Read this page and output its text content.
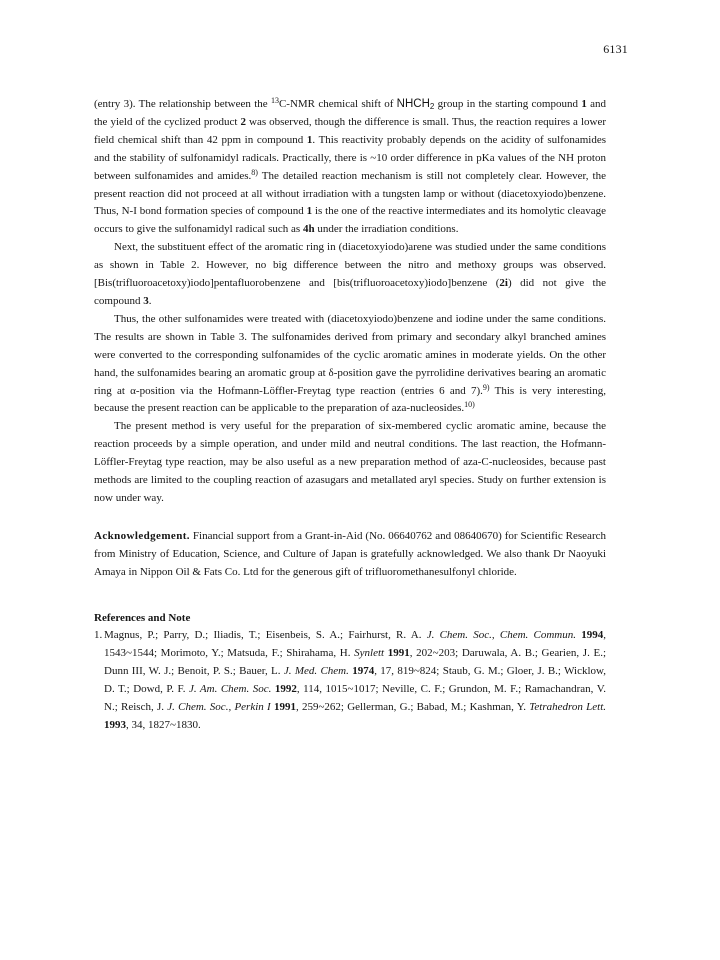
6131

(entry 3). The relationship between the $^{13}$C-NMR chemical shift of $NHCH_2$ group in the starting compound 1 and the yield of the cyclized product 2 was observed, though the difference is small. Thus, the reaction requires a lower field chemical shift than 42 ppm in compound 1. This reactivity probably depends on the acidity of sulfonamides and the stability of sulfonamidyl radicals. Practically, there is ~10 order difference in pKa values of the NH proton between sulfonamides and amides.$^{8)}$ The detailed reaction mechanism is still not completely clear. However, the present reaction did not proceed at all without irradiation with a tungsten lamp or without (diacetoxyiodo)benzene. Thus, N-I bond formation species of compound 1 is the one of the reactive intermediates and its homolytic cleavage occurs to give the sulfonamidyl radical such as 4h under the irradiation conditions.

Next, the substituent effect of the aromatic ring in (diacetoxyiodo)arene was studied under the same conditions as shown in Table 2. However, no big difference between the nitro and methoxy groups was observed. [Bis(trifluoroacetoxy)iodo]pentafluorobenzene and [bis(trifluoroacetoxy)iodo]benzene (2i) did not give the compound 3.

Thus, the other sulfonamides were treated with (diacetoxyiodo)benzene and iodine under the same conditions. The results are shown in Table 3. The sulfonamides derived from primary and secondary alkyl branched amines were converted to the corresponding sulfonamides of the cyclic aromatic amines in moderate yields. On the other hand, the sulfonamides bearing an aromatic group at δ-position gave the pyrrolidine derivatives bearing an aromatic ring at α-position via the Hofmann-Löffler-Freytag type reaction (entries 6 and 7).$^{9)}$ This is very interesting, because the present reaction can be applicable to the preparation of aza-nucleosides.$^{10)}$

The present method is very useful for the preparation of six-membered cyclic aromatic amine, because the reaction proceeds by a simple operation, and under mild and neutral conditions. The last reaction, the Hofmann-Löffler-Freytag type reaction, may be also useful as a new preparation method of aza-C-nucleosides, because past methods are limited to the coupling reaction of azasugars and metallated aryl species. Study on further extension is now under way.

Acknowledgement. Financial support from a Grant-in-Aid (No. 06640762 and 08640670) for Scientific Research from Ministry of Education, Science, and Culture of Japan is gratefully acknowledged. We also thank Dr Naoyuki Amaya in Nippon Oil & Fats Co. Ltd for the generous gift of trifluoromethanesulfonyl chloride.

References and Note

1. Magnus, P.; Parry, D.; Iliadis, T.; Eisenbeis, S. A.; Fairhurst, R. A. J. Chem. Soc., Chem. Commun. 1994, 1543~1544; Morimoto, Y.; Matsuda, F.; Shirahama, H. Synlett 1991, 202~203; Daruwala, A. B.; Gearien, J. E.; Dunn III, W. J.; Benoit, P. S.; Bauer, L. J. Med. Chem. 1974, 17, 819~824; Staub, G. M.; Gloer, J. B.; Wicklow, D. T.; Dowd, P. F. J. Am. Chem. Soc. 1992, 114, 1015~1017; Neville, C. F.; Grundon, M. F.; Ramachandran, V. N.; Reisch, J. J. Chem. Soc., Perkin I 1991, 259~262; Gellerman, G.; Babad, M.; Kashman, Y. Tetrahedron Lett. 1993, 34, 1827~1830.
